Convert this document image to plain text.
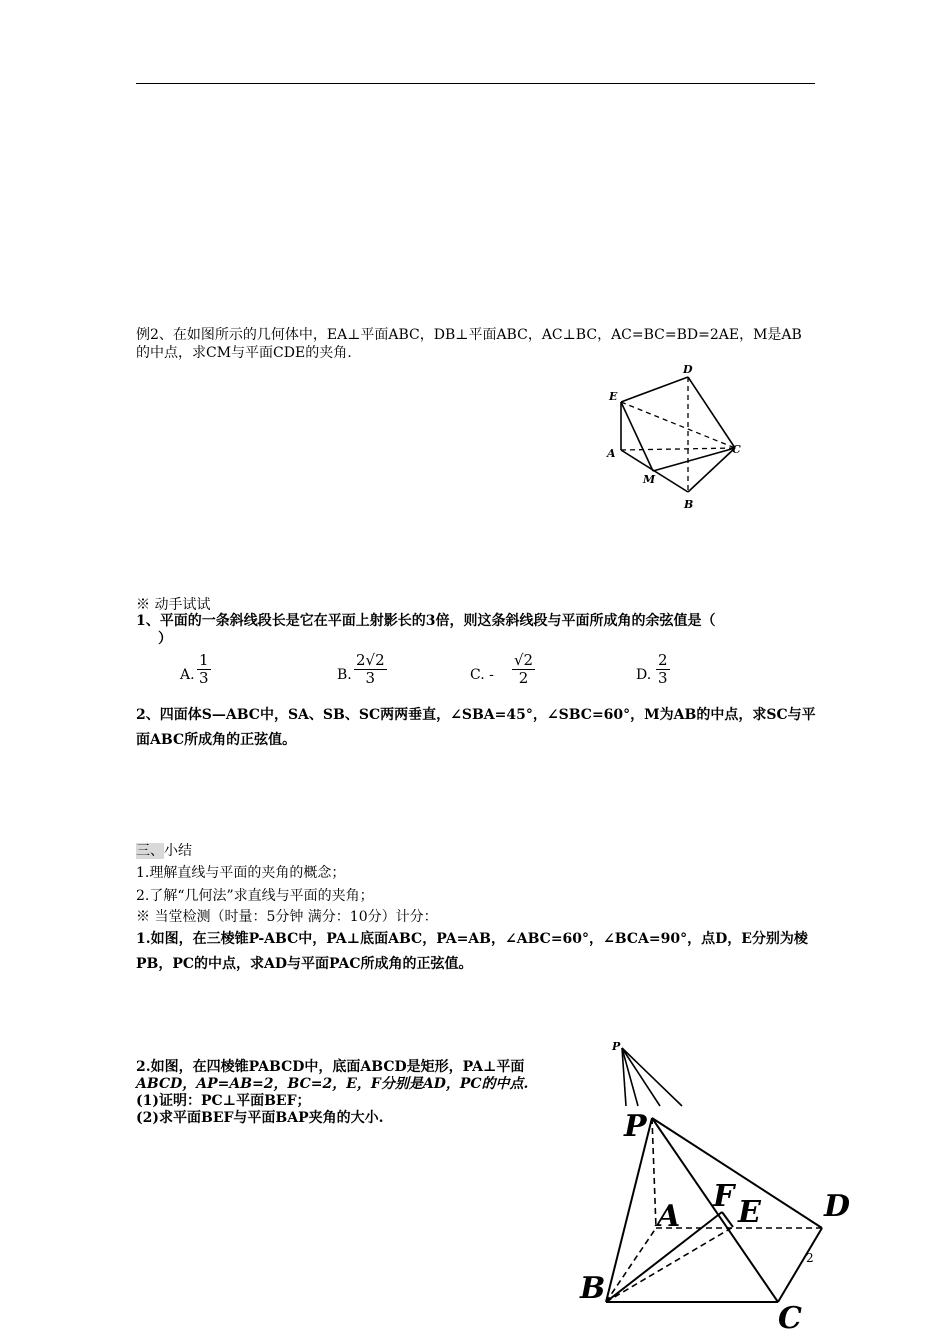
例2、在如图所示的几何体中，EA⊥平面ABC，DB⊥平面ABC，AC⊥BC，AC=BC=BD=2AE，M是AB
的中点，求CM与平面CDE的夹角.
D
E
A	C
M
B
※ 动手试试
1、平面的一条斜线段长是它在平面上射影长的3倍，则这条斜线段与平面所成角的余弦值是（
）
A. $\frac{1}{3}$	B. $\frac{2√2}{3}$	C. - $\frac{√2}{2}$	D. $\frac{2}{3}$
2、四面体S—ABC中，SA、SB、SC两两垂直，∠SBA=45°，∠SBC=60°，M为AB的中点，求SC与平
面ABC所成角的正弦值。
三、小结
1.理解直线与平面的夹角的概念；
2.了解“几何法”求直线与平面的夹角；
※ 当堂检测（时量：5分钟 满分：10分）计分：
1.如图，在三棱锥P-ABC中，PA⊥底面ABC，PA=AB，∠ABC=60°，∠BCA=90°，点D，E分别为棱
PB，PC的中点，求AD与平面PAC所成角的正弦值。
2.如图，在四棱锥PABCD中，底面ABCD是矩形，PA⊥平面
ABCD，AP=AB=2，BC=2，E，F分别是AD，PC的中点.
(1)证明：PC⊥平面BEF；
(2)求平面BEF与平面BAP夹角的大小.
P
P
A
F E D
B
C
2
